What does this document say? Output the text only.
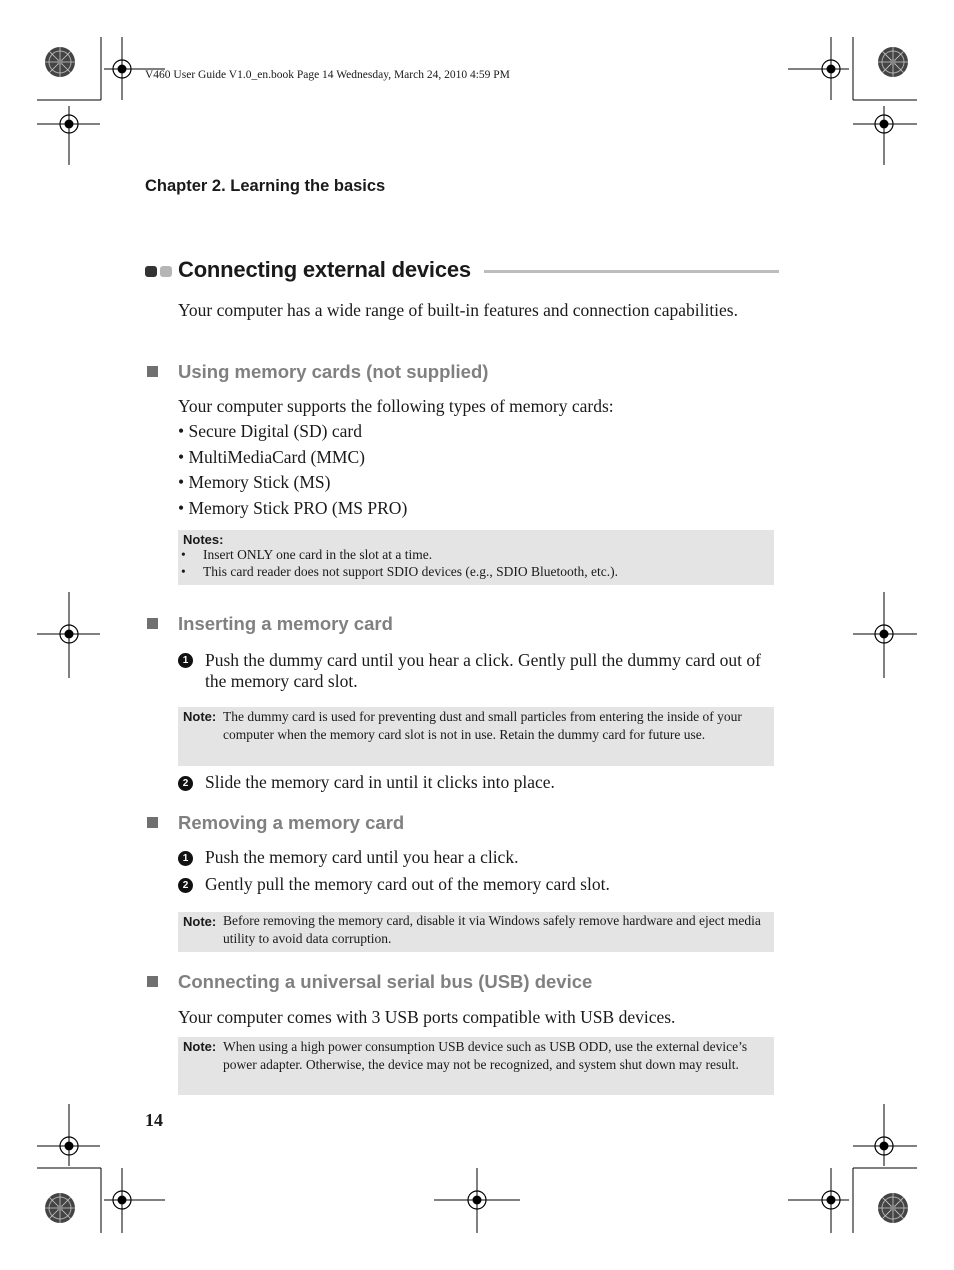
V460 User Guide V1.0_en.book Page 14 Wednesday, March 24, 2010 4:59 PM
Chapter 2. Learning the basics
Connecting external devices
Your computer has a wide range of built-in features and connection capabilities.
Using memory cards (not supplied)
Your computer supports the following types of memory cards:
• Secure Digital (SD) card
• MultiMediaCard (MMC)
• Memory Stick (MS)
• Memory Stick PRO (MS PRO)
Notes:
• Insert ONLY one card in the slot at a time.
• This card reader does not support SDIO devices (e.g., SDIO Bluetooth, etc.).
Inserting a memory card
1 Push the dummy card until you hear a click. Gently pull the dummy card out of the memory card slot.
Note: The dummy card is used for preventing dust and small particles from entering the inside of your computer when the memory card slot is not in use. Retain the dummy card for future use.
2 Slide the memory card in until it clicks into place.
Removing a memory card
1 Push the memory card until you hear a click.
2 Gently pull the memory card out of the memory card slot.
Note: Before removing the memory card, disable it via Windows safely remove hardware and eject media utility to avoid data corruption.
Connecting a universal serial bus (USB) device
Your computer comes with 3 USB ports compatible with USB devices.
Note: When using a high power consumption USB device such as USB ODD, use the external device’s power adapter. Otherwise, the device may not be recognized, and system shut down may result.
14
